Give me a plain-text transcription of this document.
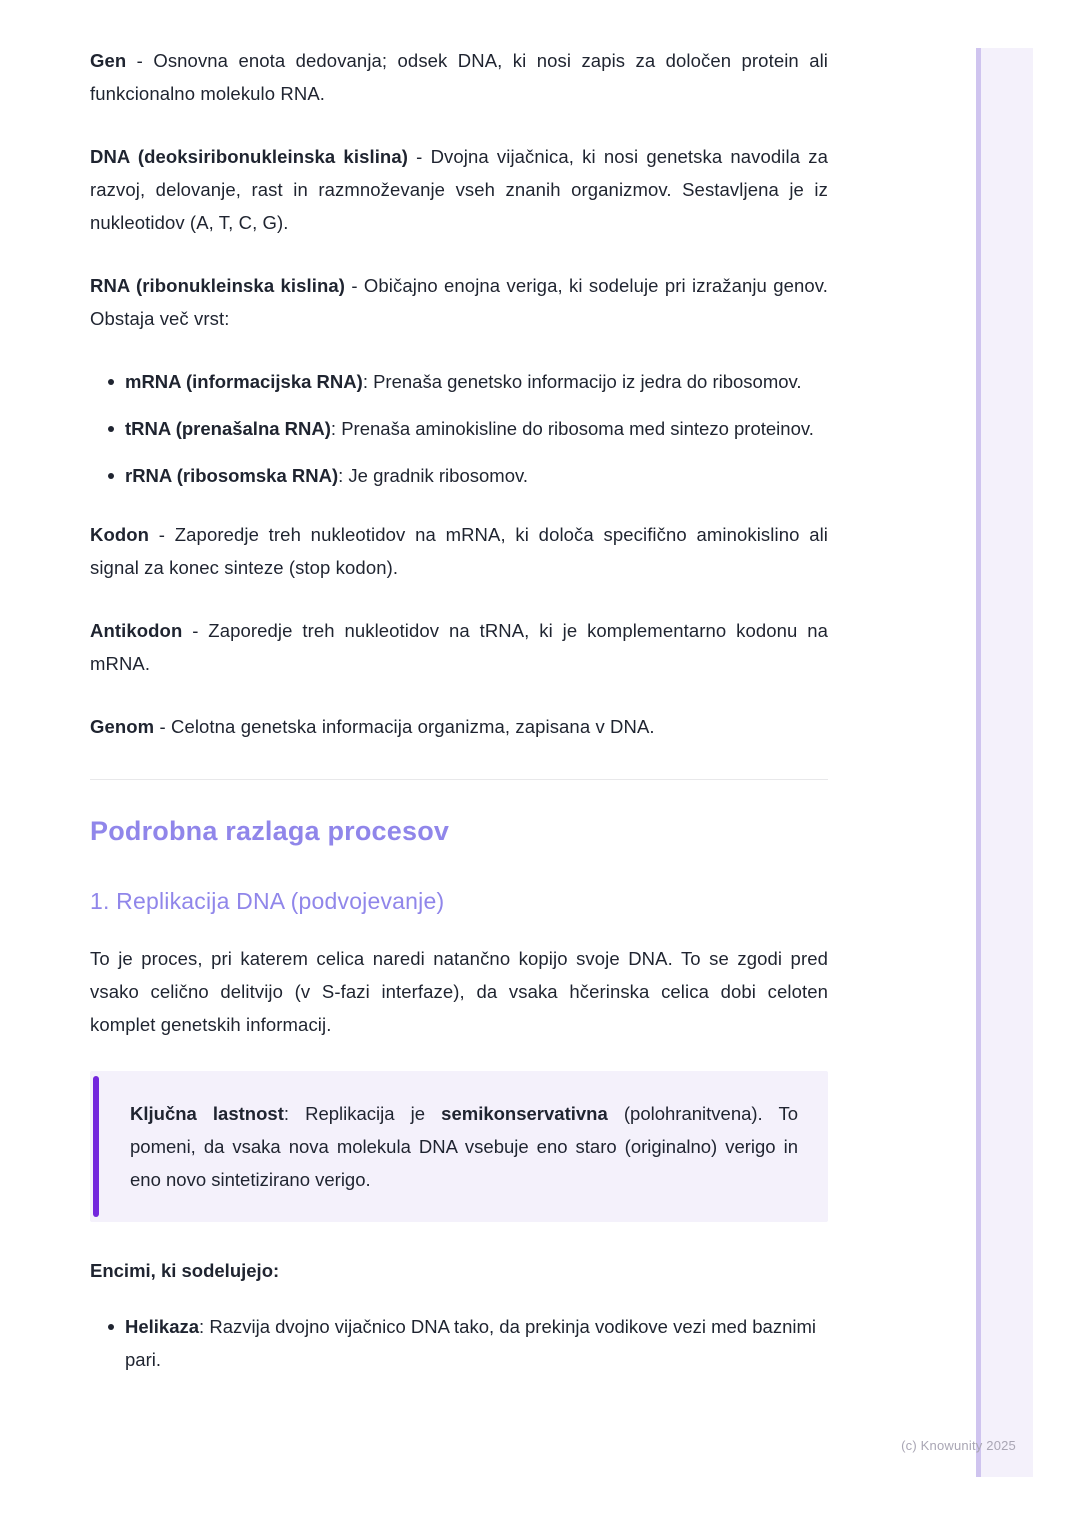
Gen - Osnovna enota dedovanja; odsek DNA, ki nosi zapis za določen protein ali funkcionalno molekulo RNA.

DNA (deoksiribonukleinska kislina) - Dvojna vijačnica, ki nosi genetska navodila za razvoj, delovanje, rast in razmnoževanje vseh znanih organizmov. Sestavljena je iz nukleotidov (A, T, C, G).

RNA (ribonukleinska kislina) - Običajno enojna veriga, ki sodeluje pri izražanju genov. Obstaja več vrst:

mRNA (informacijska RNA): Prenaša genetsko informacijo iz jedra do ribosomov.
tRNA (prenašalna RNA): Prenaša aminokisline do ribosoma med sintezo proteinov.
rRNA (ribosomska RNA): Je gradnik ribosomov.

Kodon - Zaporedje treh nukleotidov na mRNA, ki določa specifično aminokislino ali signal za konec sinteze (stop kodon).

Antikodon - Zaporedje treh nukleotidov na tRNA, ki je komplementarno kodonu na mRNA.

Genom - Celotna genetska informacija organizma, zapisana v DNA.

Podrobna razlaga procesov
1. Replikacija DNA (podvojevanje)

To je proces, pri katerem celica naredi natančno kopijo svoje DNA. To se zgodi pred vsako celično delitvijo (v S-fazi interfaze), da vsaka hčerinska celica dobi celoten komplet genetskih informacij.

Ključna lastnost: Replikacija je semikonservativna (polohranitvena). To pomeni, da vsaka nova molekula DNA vsebuje eno staro (originalno) verigo in eno novo sintetizirano verigo.

Encimi, ki sodelujejo:

Helikaza: Razvija dvojno vijačnico DNA tako, da prekinja vodikove vezi med baznimi pari.
(c) Knowunity 2025
